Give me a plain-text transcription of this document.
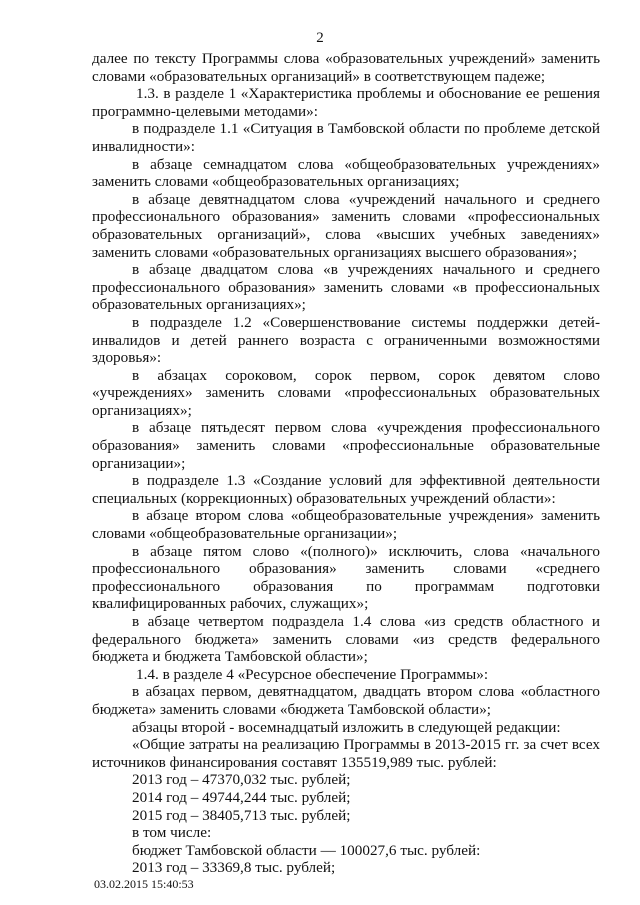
2

далее по тексту Программы слова «образовательных учреждений» заменить словами «образовательных организаций» в соответствующем падеже;

1.3. в разделе 1 «Характеристика проблемы и обоснование ее решения программно-целевыми методами»:

в подразделе 1.1 «Ситуация в Тамбовской области по проблеме детской инвалидности»:

в абзаце семнадцатом слова «общеобразовательных учреждениях» заменить словами «общеобразовательных организациях;

в абзаце девятнадцатом слова «учреждений начального и среднего профессионального образования» заменить словами «профессиональных образовательных организаций», слова «высших учебных заведениях» заменить словами «образовательных организациях высшего образования»;

в абзаце двадцатом слова «в учреждениях начального и среднего профессионального образования» заменить словами «в профессиональных образовательных организациях»;

в подразделе 1.2 «Совершенствование системы поддержки детей-инвалидов и детей раннего возраста с ограниченными возможностями здоровья»:

в абзацах сороковом, сорок первом, сорок девятом слово «учреждениях» заменить словами «профессиональных образовательных организациях»;

в абзаце пятьдесят первом слова «учреждения профессионального образования» заменить словами «профессиональные образовательные организации»;

в подразделе 1.3 «Создание условий для эффективной деятельности специальных (коррекционных) образовательных учреждений области»:

в абзаце втором слова «общеобразовательные учреждения» заменить словами «общеобразовательные организации»;

в абзаце пятом слово «(полного)» исключить, слова «начального профессионального образования» заменить словами «среднего профессионального образования по программам подготовки квалифицированных рабочих, служащих»;

в абзаце четвертом подраздела 1.4 слова «из средств областного и федерального бюджета» заменить словами «из средств федерального бюджета и бюджета Тамбовской области»;

1.4. в разделе 4 «Ресурсное обеспечение Программы»:

в абзацах первом, девятнадцатом, двадцать втором слова «областного бюджета» заменить словами «бюджета Тамбовской области»;

абзацы второй - восемнадцатый изложить в следующей редакции:

«Общие затраты на реализацию Программы в 2013-2015 гг. за счет всех источников финансирования составят 135519,989 тыс. рублей:

2013 год – 47370,032 тыс. рублей;

2014 год – 49744,244 тыс. рублей;

2015 год – 38405,713 тыс. рублей;

в том числе:

бюджет Тамбовской области — 100027,6 тыс. рублей:

2013 год – 33369,8 тыс. рублей;

03.02.2015 15:40:53
